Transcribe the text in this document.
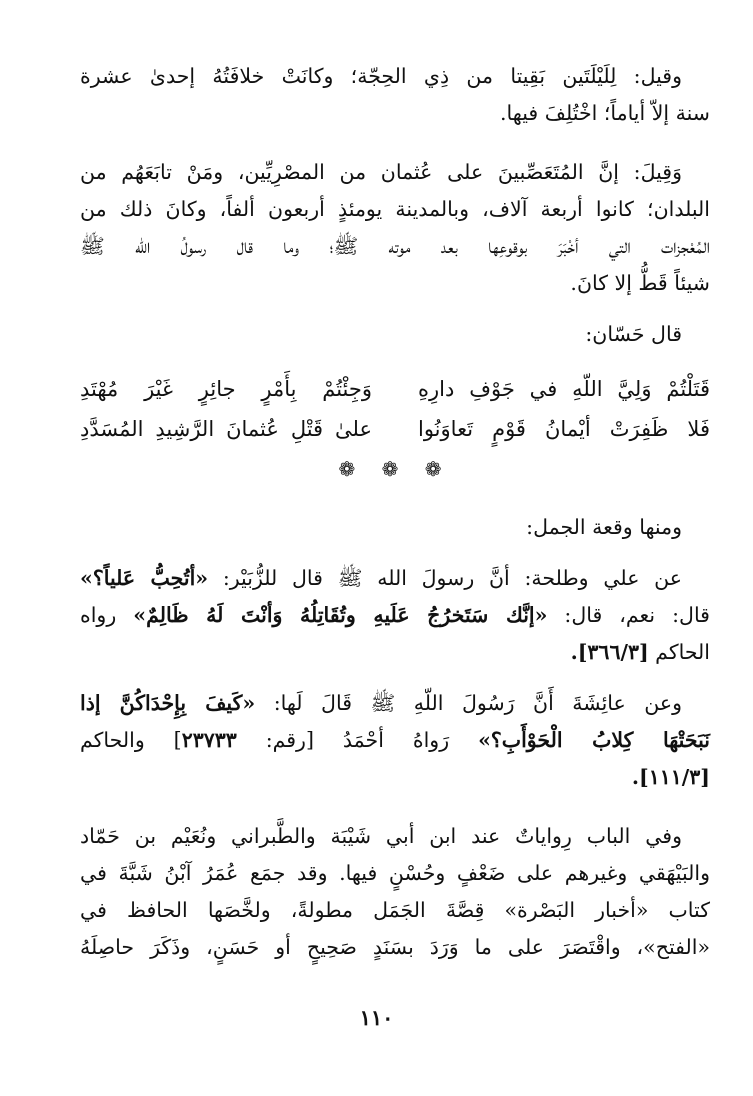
وقيل: لِلَيْلَتَين بَقِيتا من ذِي الحِجّة؛ وكانَتْ خلافَتُهُ إحدىٰ عشرة
سنة إلاّ أياماً؛ اخْتُلِفَ فيها.
وَقِيلَ: إنَّ المُتَعَصِّبينَ على عُثمان من المصْرِيِّين، ومَنْ تابَعَهُم من
البلدان؛ كانوا أربعة آلاف، وبالمدينة يومئذٍ أربعون ألفاً، وكانَ ذلك من
المُعْجزات التي أخْبَرَ بوقوعِها بعد موته ﷺ؛ وما قال رسولُ الله ﷺ
شيئاً قَطُّ إلا كانَ.
قال حَسّان:
قَتَلْتُمْ وَلِيَّ اللّهِ في جَوْفِ دارِهِ
وَجِئْتُمْ بِأَمْرٍ جائِرٍ غَيْرَ مُهْتَدِ
فَلا ظَفِرَتْ أيْمانُ قَوْمٍ تَعاوَنُوا
علىٰ قَتْلِ عُثمانَ الرَّشِيدِ المُسَدَّدِ
❁ ❁ ❁
ومنها وقعة الجمل:
عن علي وطلحة: أنَّ رسولَ الله ﷺ قال للزُّبَيْر: «أتُحِبُّ عَلياً؟»
قال: نعم، قال: «إنَّك سَتَخرُجُ عَلَيهِ وتُقَاتِلُهُ وَأنْتَ لَهُ ظَالِمٌ» رواه
الحاكم [٣٦٦/٣].
وعن عائِشَةَ أَنَّ رَسُولَ اللّهِ ﷺ قَالَ لَها: «كَيفَ بِإِحْدَاكُنَّ إذا
نَبَحَتْهَا كِلابُ الْحَوْأَبِ؟» رَواهُ أحْمَدُ [رقم: ٢٣٧٣٣] والحاكم
[١١١/٣].
وفي الباب رِواياتٌ عند ابن أبي شَيْبَة والطَّبراني ونُعَيْم بن حَمّاد
والبَيْهَقي وغيرهم على ضَعْفٍ وحُسْنٍ فيها. وقد جمَع عُمَرُ آبْنُ شَبَّةَ في
كتاب «أخبار البَصْرة» قِصَّةَ الجَمَل مطولةً، ولخَّصَها الحافظ في
«الفتح»، واقْتَصَرَ على ما وَرَدَ بسَنَدٍ صَحِيحٍ أو حَسَنٍ، وذَكَرَ حاصِلَهُ
١١٠
